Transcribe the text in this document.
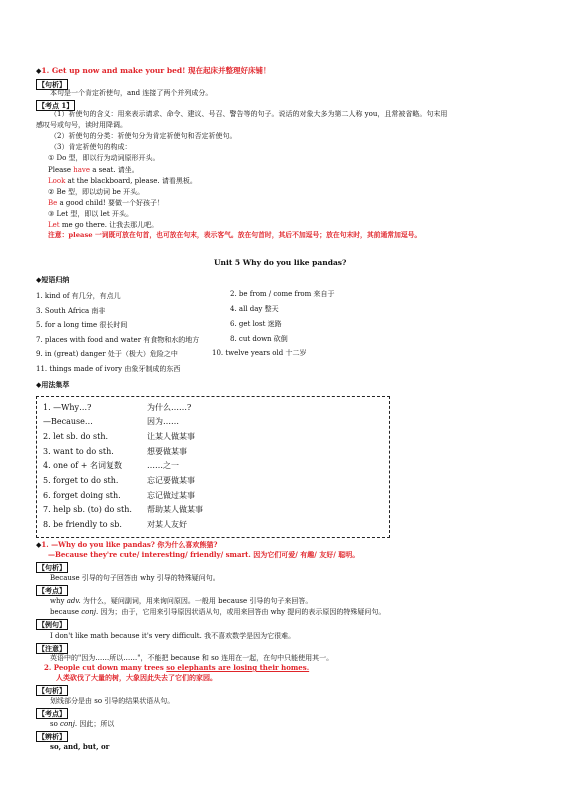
◆1. Get up now and make your bed! 现在起床并整理好床铺！
【句析】
本句是一个肯定祈使句，and 连接了两个并列成分。
【考点 1】
（1）祈使句的含义：用来表示请求、命令、建议、号召、警告等的句子。说话的对象大多为第二人称 you，且常被省略。句末用
感叹号或句号，读时用降调。
（2）祈使句的分类：祈使句分为肯定祈使句和否定祈使句。
（3）肯定祈使句的构成：
① Do 型，即以行为动词原形开头。
Please have a seat. 请坐。
Look at the blackboard, please. 请看黑板。
② Be 型，即以动词 be 开头。
Be a good child! 要做一个好孩子！
③ Let 型，即以 let 开头。
Let me go there. 让我去那儿吧。
注意：please 一词既可放在句首，也可放在句末，表示客气。放在句首时，其后不加逗号；放在句末时，其前通常加逗号。
Unit 5 Why do you like pandas?
◆短语归纳
1. kind of 有几分，有点儿
3. South Africa 南非
5. for a long time 很长时间
7. places with food and water 有食物和水的地方
9. in (great) danger 处于（极大）危险之中
11. things made of ivory 由象牙制成的东西
2. be from / come from 来自于
4. all day 整天
6. get lost 迷路
8. cut down 砍倒
10. twelve years old 十二岁
◆用法集萃
1. —Why…?	为什么……?
—Because…	因为……
2. let sb. do sth.	让某人做某事
3. want to do sth.	想要做某事
4. one of + 名词复数	……之一
5. forget to do sth.	忘记要做某事
6. forget doing sth.	忘记做过某事
7. help sb. (to) do sth. 帮助某人做某事
8. be friendly to sb.	对某人友好
◆1. —Why do you like pandas? 你为什么喜欢熊猫?
—Because they're cute/ interesting/ friendly/ smart. 因为它们可爱/ 有趣/ 友好/ 聪明。
【句析】
Because 引导的句子回答由 why 引导的特殊疑问句。
【考点】
why adv. 为什么，疑问副词，用来询问原因。一般用 because 引导的句子来回答。
because conj. 因为；由于，它用来引导原因状语从句，或用来回答由 why 提问的表示原因的特殊疑问句。
【例句】
I don't like math because it's very difficult. 我不喜欢数学是因为它很难。
【注意】
英语中的"因为……所以……"，不能把 because 和 so 连用在一起，在句中只能使用其一。
2. People cut down many trees so elephants are losing their homes.
人类砍伐了大量的树，大象因此失去了它们的家园。
【句析】
划线部分是由 so 引导的结果状语从句。
【考点】
so conj. 因此；所以
【辨析】
so, and, but, or
